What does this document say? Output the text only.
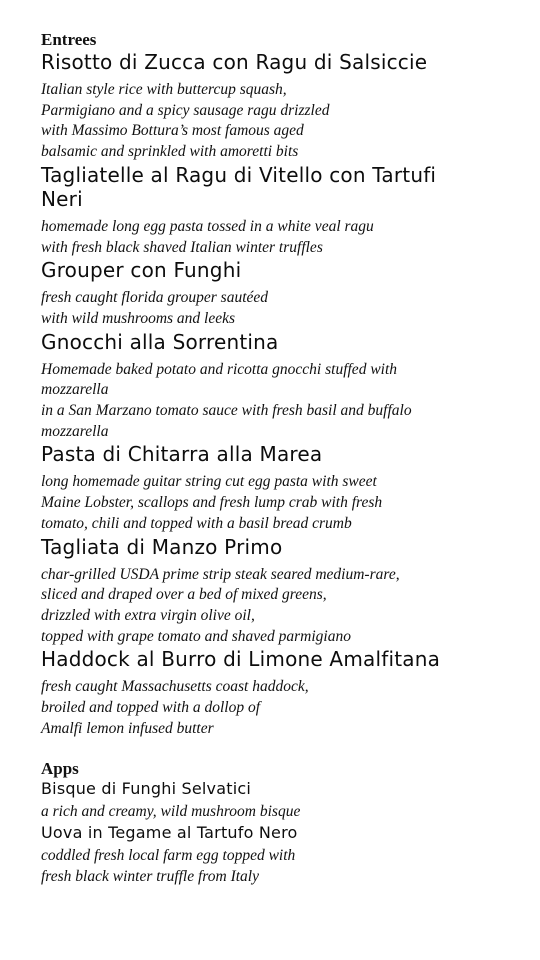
Entrees
Risotto di Zucca con Ragu di Salsiccie

Italian style rice with buttercup squash,
Parmigiano and a spicy sausage ragu drizzled
with Massimo Bottura’s most famous aged
balsamic and sprinkled with amoretti bits

Tagliatelle al Ragu di Vitello con Tartufi
Neri

homemade long egg pasta tossed in a white veal ragu
with fresh black shaved Italian winter truffles

Grouper con Funghi

fresh caught florida grouper sautéed
with wild mushrooms and leeks

Gnocchi alla Sorrentina

Homemade baked potato and ricotta gnocchi stuffed with
mozzarella
in a San Marzano tomato sauce with fresh basil and buffalo
mozzarella

Pasta di Chitarra alla Marea

long homemade guitar string cut egg pasta with sweet
Maine Lobster, scallops and fresh lump crab with fresh
tomato, chili and topped with a basil bread crumb

Tagliata di Manzo Primo

char-grilled USDA prime strip steak seared medium-rare,
sliced and draped over a bed of mixed greens,
drizzled with extra virgin olive oil,
topped with grape tomato and shaved parmigiano

Haddock al Burro di Limone Amalfitana

fresh caught Massachusetts coast haddock,
broiled and topped with a dollop of
Amalfi lemon infused butter

Apps
Bisque di Funghi Selvatici

a rich and creamy, wild mushroom bisque

Uova in Tegame al Tartufo Nero

coddled fresh local farm egg topped with
fresh black winter truffle from Italy
